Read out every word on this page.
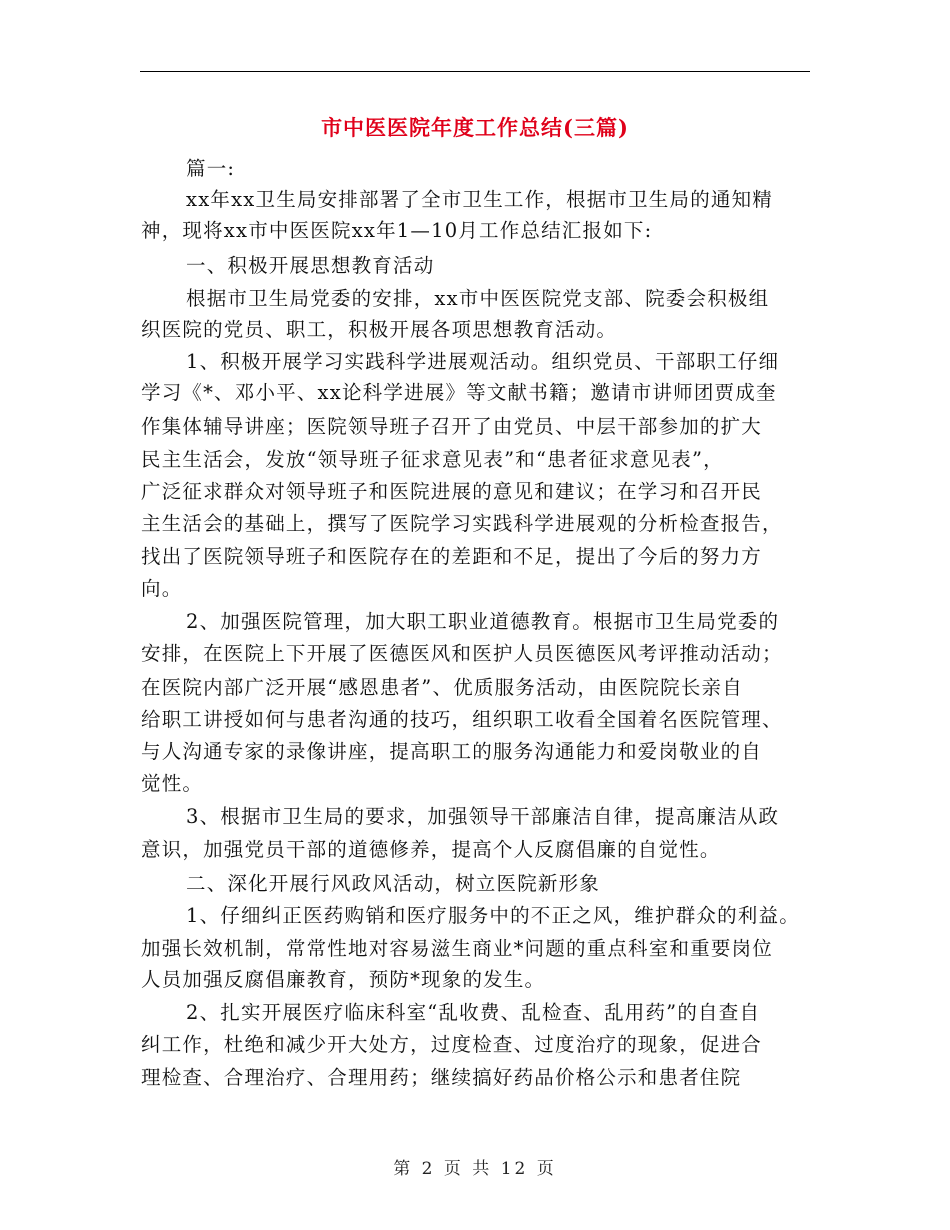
市中医医院年度工作总结(三篇)
篇一:
xx年xx卫生局安排部署了全市卫生工作，根据市卫生局的通知精
神，现将xx市中医医院xx年1—10月工作总结汇报如下:
一、积极开展思想教育活动
根据市卫生局党委的安排，xx市中医医院党支部、院委会积极组
织医院的党员、职工，积极开展各项思想教育活动。
1、积极开展学习实践科学进展观活动。组织党员、干部职工仔细
学习《*、邓小平、xx论科学进展》等文献书籍；邀请市讲师团贾成奎
作集体辅导讲座；医院领导班子召开了由党员、中层干部参加的扩大
民主生活会，发放“领导班子征求意见表”和“患者征求意见表”，
广泛征求群众对领导班子和医院进展的意见和建议；在学习和召开民
主生活会的基础上，撰写了医院学习实践科学进展观的分析检查报告，
找出了医院领导班子和医院存在的差距和不足，提出了今后的努力方
向。
2、加强医院管理，加大职工职业道德教育。根据市卫生局党委的
安排，在医院上下开展了医德医风和医护人员医德医风考评推动活动；
在医院内部广泛开展“感恩患者”、优质服务活动，由医院院长亲自
给职工讲授如何与患者沟通的技巧，组织职工收看全国着名医院管理、
与人沟通专家的录像讲座，提高职工的服务沟通能力和爱岗敬业的自
觉性。
3、根据市卫生局的要求，加强领导干部廉洁自律，提高廉洁从政
意识，加强党员干部的道德修养，提高个人反腐倡廉的自觉性。
二、深化开展行风政风活动，树立医院新形象
1、仔细纠正医药购销和医疗服务中的不正之风，维护群众的利益。
加强长效机制，常常性地对容易滋生商业*问题的重点科室和重要岗位
人员加强反腐倡廉教育，预防*现象的发生。
2、扎实开展医疗临床科室“乱收费、乱检查、乱用药”的自查自
纠工作，杜绝和减少开大处方，过度检查、过度治疗的现象，促进合
理检查、合理治疗、合理用药；继续搞好药品价格公示和患者住院
第 2 页 共 12 页
